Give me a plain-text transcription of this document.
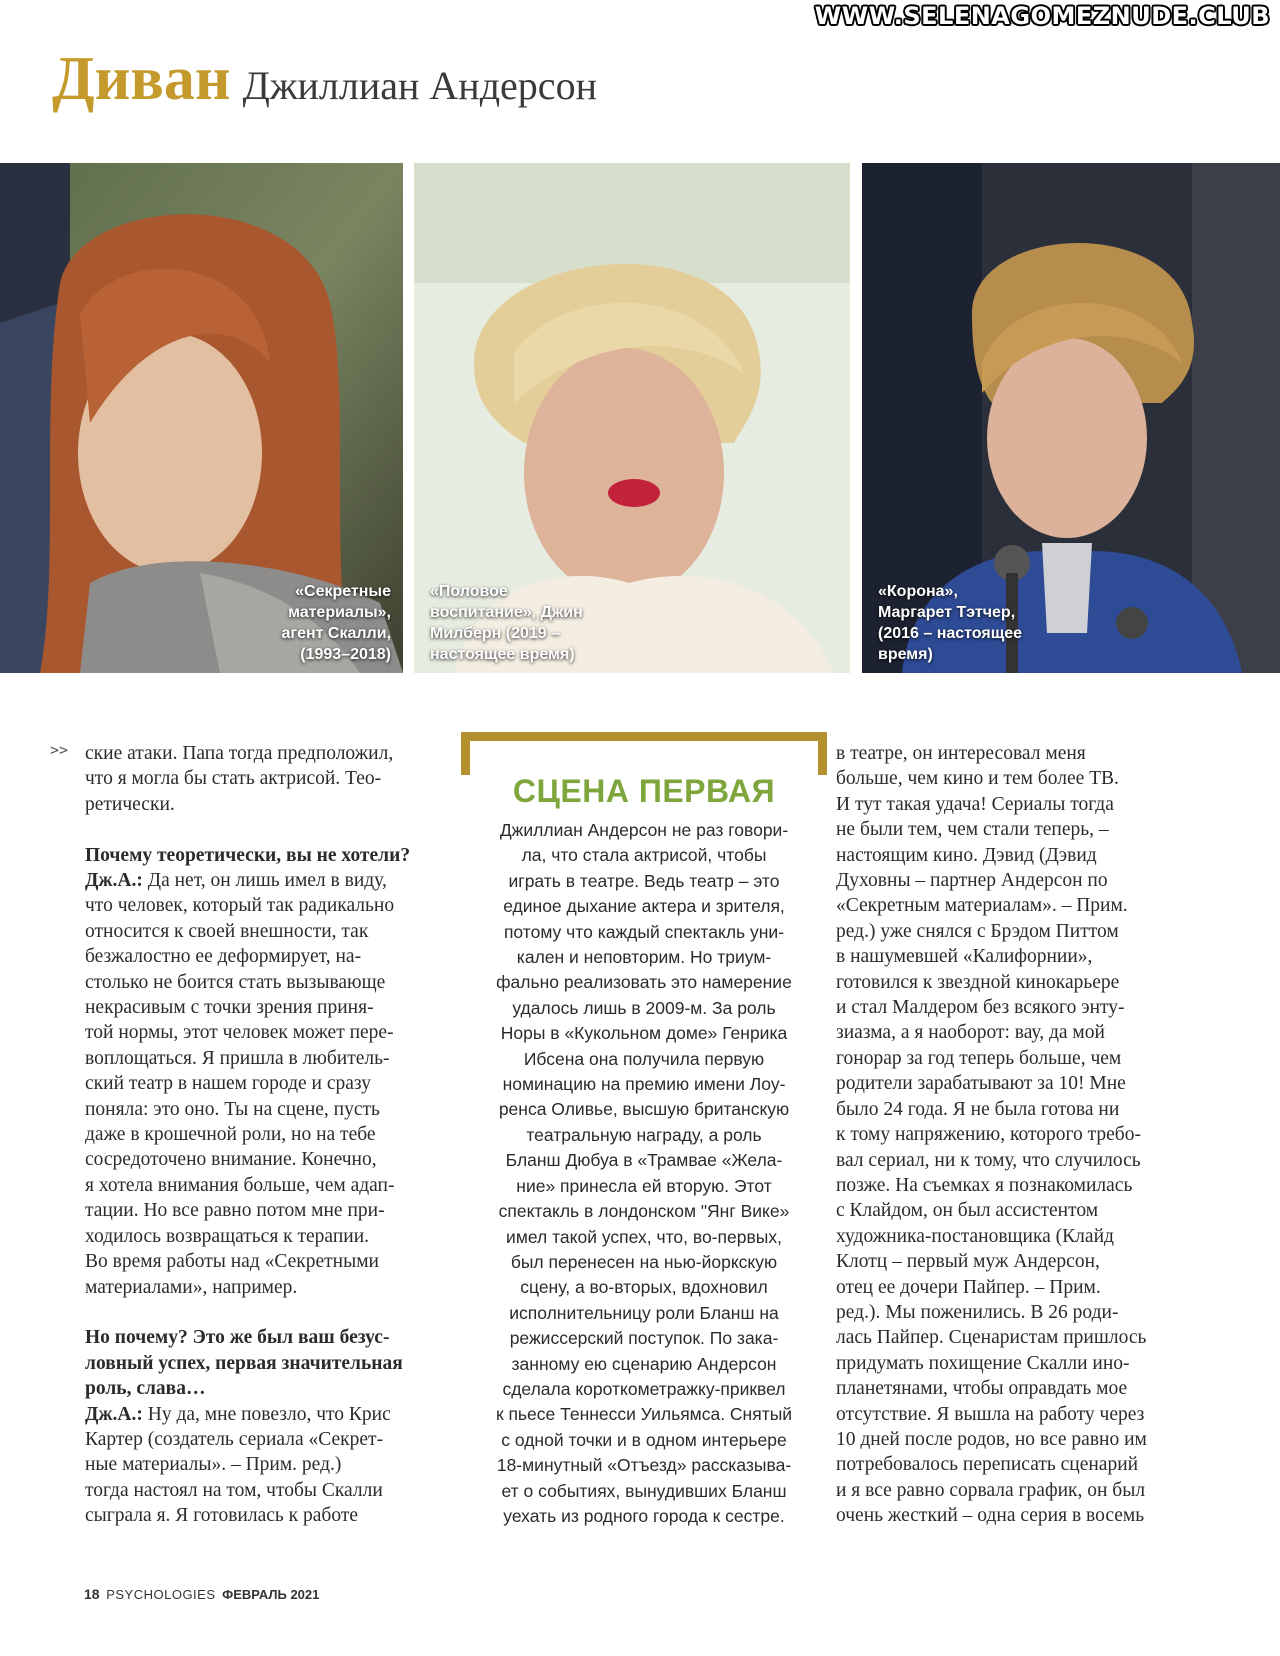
WWW.SELENAGOMEZNUDE.CLUB
Диван Джиллиан Андерсон
«Секретные
материалы»,
агент Скалли,
(1993–2018)
«Половое
воспитание», Джин
Милберн (2019 –
настоящее время)
«Корона»,
Маргарет Тэтчер,
(2016 – настоящее
время)
>> ские атаки. Папа тогда предположил,
что я могла бы стать актрисой. Тео-
ретически.

Почему теоретически, вы не хотели?

Дж.А.: Да нет, он лишь имел в виду,
что человек, который так радикально
относится к своей внешности, так
безжалостно ее деформирует, на-
столько не боится стать вызывающе
некрасивым с точки зрения приня-
той нормы, этот человек может пере-
воплощаться. Я пришла в любитель-
ский театр в нашем городе и сразу
поняла: это оно. Ты на сцене, пусть
даже в крошечной роли, но на тебе
сосредоточено внимание. Конечно,
я хотела внимания больше, чем адап-
тации. Но все равно потом мне при-
ходилось возвращаться к терапии.
Во время работы над «Секретными
материалами», например.

Но почему? Это же был ваш безус-
ловный успех, первая значительная
роль, слава…

Дж.А.: Ну да, мне повезло, что Крис
Картер (создатель сериала «Секрет-
ные материалы». – Прим. ред.)
тогда настоял на том, чтобы Скалли
сыграла я. Я готовилась к работе

СЦЕНА ПЕРВАЯ
Джиллиан Андерсон не раз говори-
ла, что стала актрисой, чтобы
играть в театре. Ведь театр – это
единое дыхание актера и зрителя,
потому что каждый спектакль уни-
кален и неповторим. Но триум-
фально реализовать это намерение
удалось лишь в 2009-м. За роль
Норы в «Кукольном доме» Генрика
Ибсена она получила первую
номинацию на премию имени Лоу-
ренса Оливье, высшую британскую
театральную награду, а роль
Бланш Дюбуа в «Трамвае «Жела-
ние» принесла ей вторую. Этот
спектакль в лондонском "Янг Вике»
имел такой успех, что, во-первых,
был перенесен на нью-йоркскую
сцену, а во-вторых, вдохновил
исполнительницу роли Бланш на
режиссерский поступок. По зака-
занному ею сценарию Андерсон
сделала короткометражку-приквел
к пьесе Теннесси Уильямса. Снятый
с одной точки и в одном интерьере
18-минутный «Отъезд» рассказыва-
ет о событиях, вынудивших Бланш
уехать из родного города к сестре.

в театре, он интересовал меня
больше, чем кино и тем более ТВ.
И тут такая удача! Сериалы тогда
не были тем, чем стали теперь, –
настоящим кино. Дэвид (Дэвид
Духовны – партнер Андерсон по
«Секретным материалам». – Прим.
ред.) уже снялся с Брэдом Питтом
в нашумевшей «Калифорнии»,
готовился к звездной кинокарьере
и стал Малдером без всякого энту-
зиазма, а я наоборот: вау, да мой
гонорар за год теперь больше, чем
родители зарабатывают за 10! Мне
было 24 года. Я не была готова ни
к тому напряжению, которого требо-
вал сериал, ни к тому, что случилось
позже. На съемках я познакомилась
с Клайдом, он был ассистентом
художника-постановщика (Клайд
Клотц – первый муж Андерсон,
отец ее дочери Пайпер. – Прим.
ред.). Мы поженились. В 26 роди-
лась Пайпер. Сценаристам пришлось
придумать похищение Скалли ино-
планетянами, чтобы оправдать мое
отсутствие. Я вышла на работу через
10 дней после родов, но все равно им
потребовалось переписать сценарий
и я все равно сорвала график, он был
очень жесткий – одна серия в восемь

18 PSYCHOLOGIES ФЕВРАЛЬ 2021
